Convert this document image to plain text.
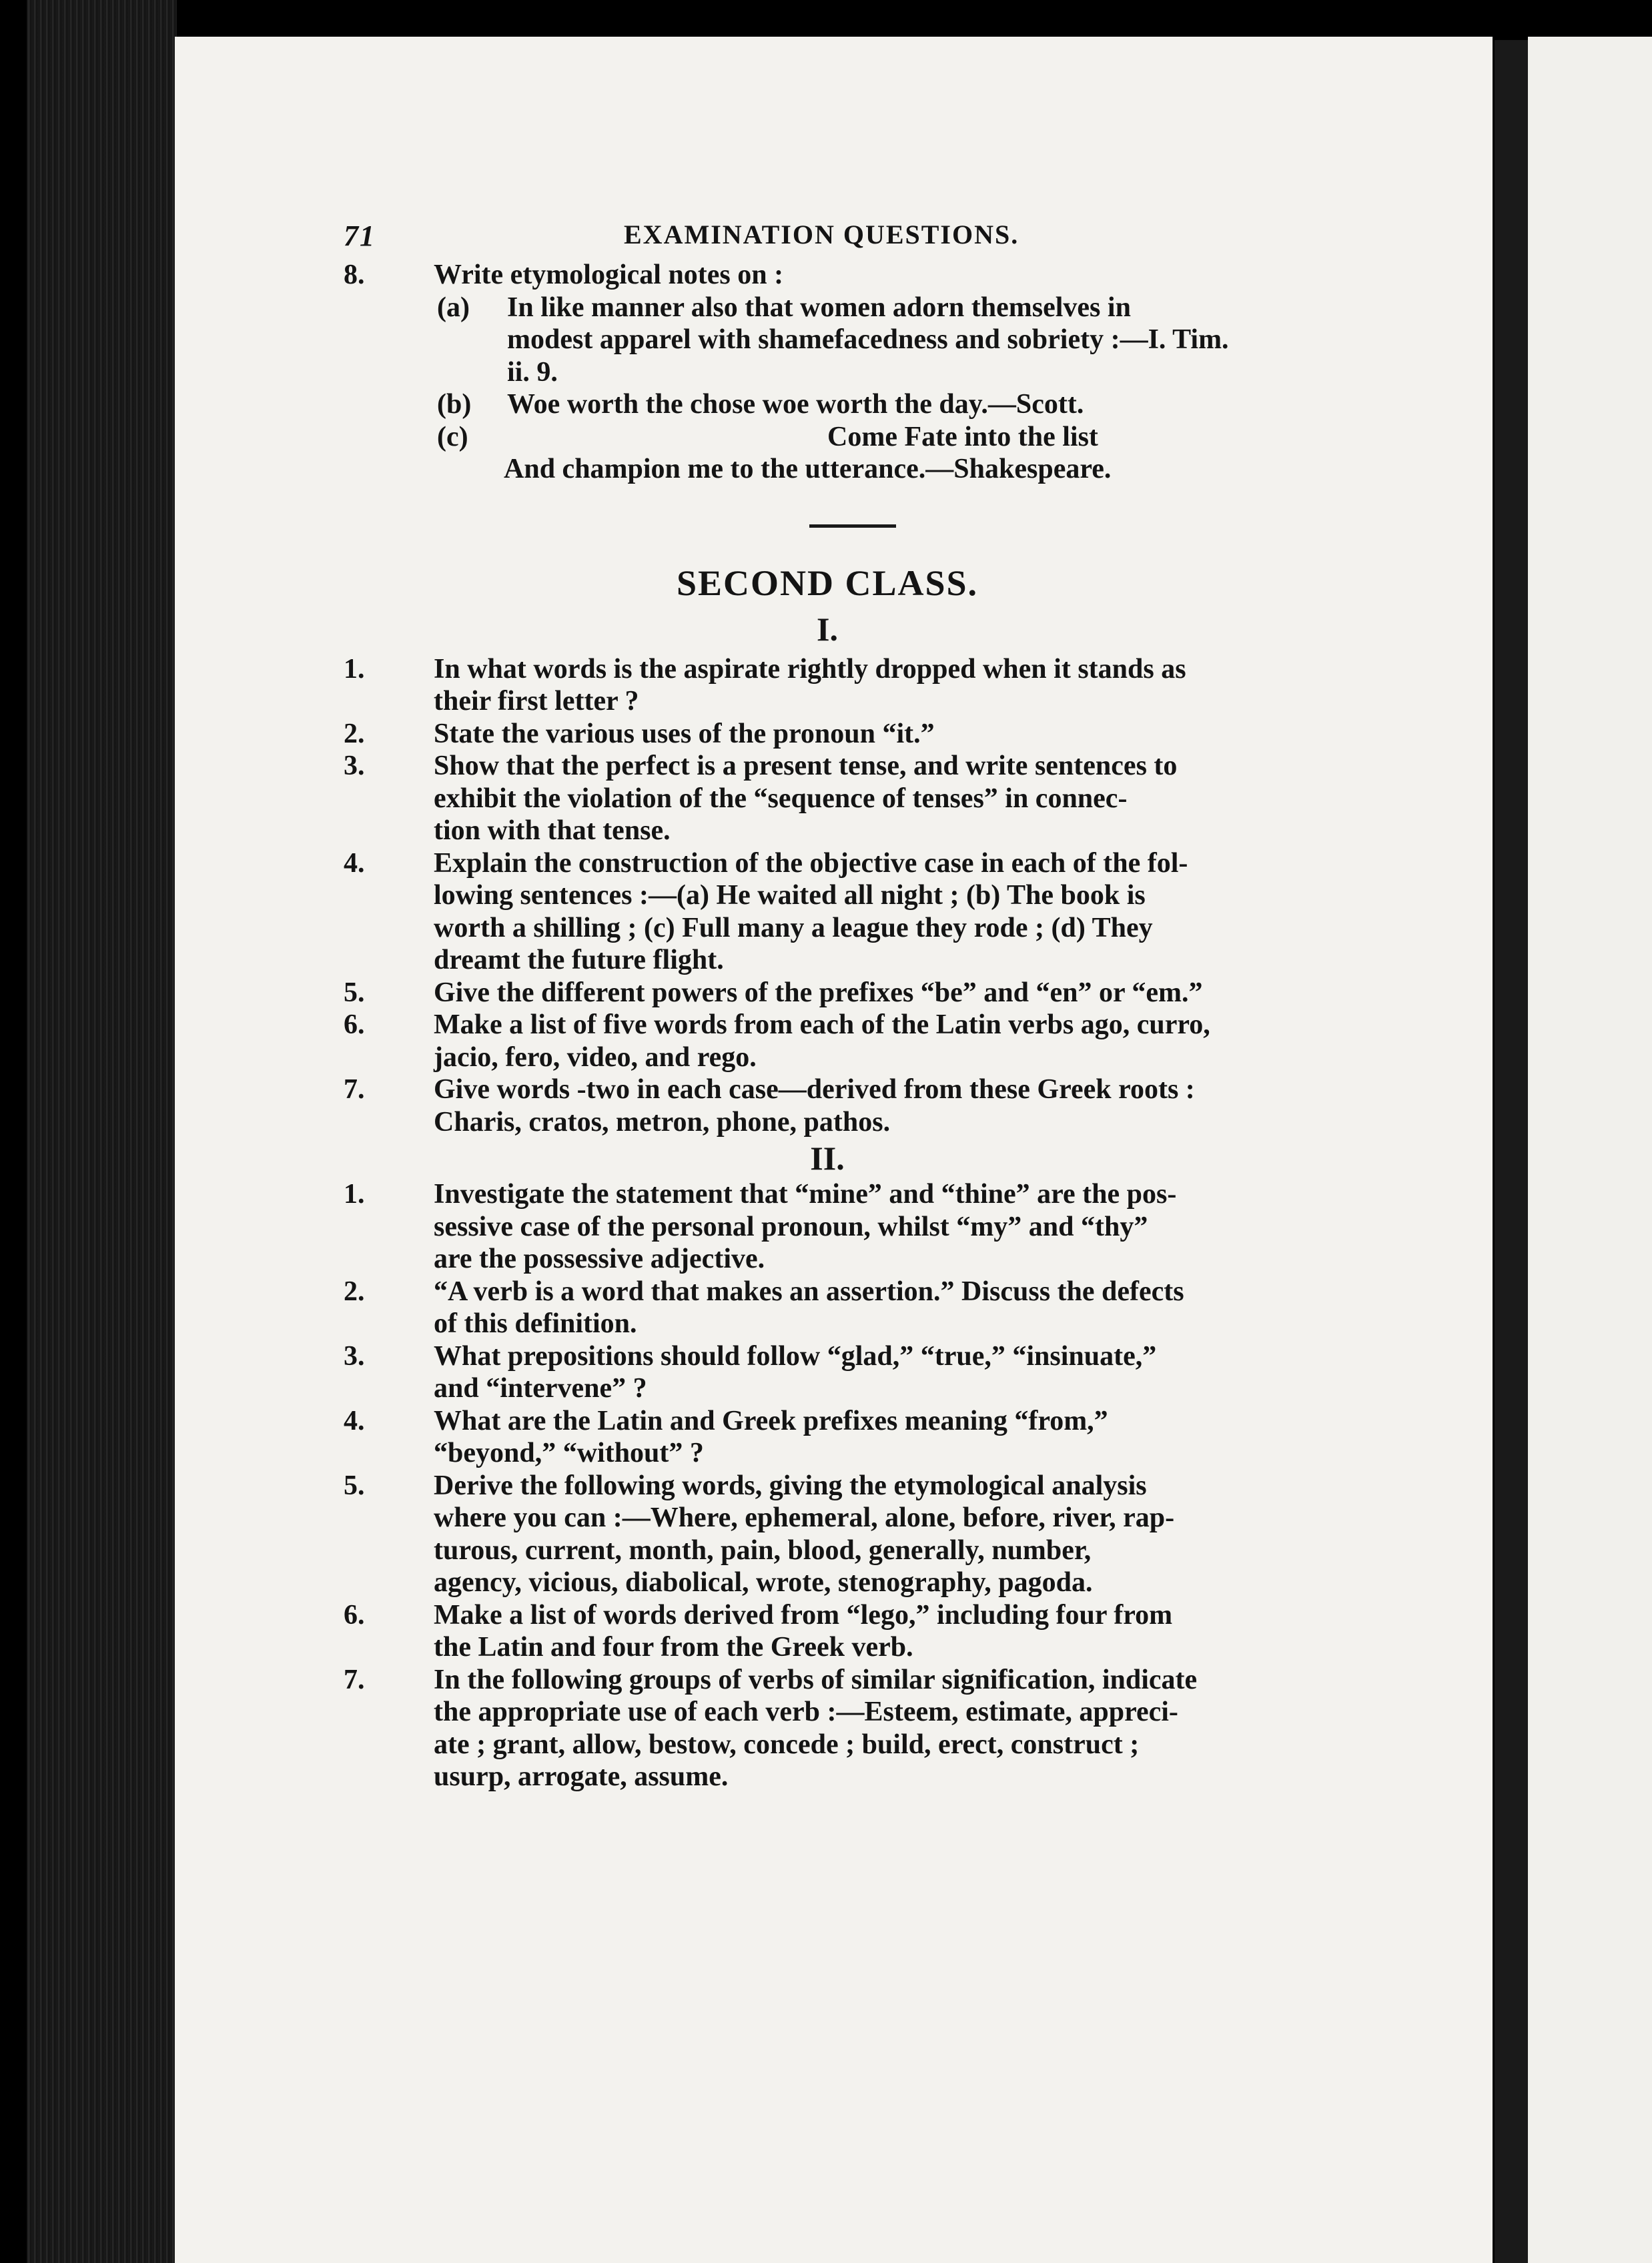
71	EXAMINATION QUESTIONS.
8. Write etymological notes on :
(a) In like manner also that women adorn themselves in
modest apparel with shamefacedness and sobriety :—I. Tim.
ii. 9.
(b) Woe worth the chose woe worth the day.—Scott.
(c)	Come Fate into the list
And champion me to the utterance.—Shakespeare.
SECOND CLASS.
I.
1. In what words is the aspirate rightly dropped when it stands as
their first letter ?
2. State the various uses of the pronoun “it.”
3. Show that the perfect is a present tense, and write sentences to
exhibit the violation of the “sequence of tenses” in connec-
tion with that tense.
4. Explain the construction of the objective case in each of the fol-
lowing sentences :—(a) He waited all night ; (b) The book is
worth a shilling ; (c) Full many a league they rode ; (d) They
dreamt the future flight.
5. Give the different powers of the prefixes “be” and “en” or “em.”
6. Make a list of five words from each of the Latin verbs ago, curro,
jacio, fero, video, and rego.
7. Give words -two in each case—derived from these Greek roots :
Charis, cratos, metron, phone, pathos.
II.
1. Investigate the statement that “mine” and “thine” are the pos-
sessive case of the personal pronoun, whilst “my” and “thy”
are the possessive adjective.
2. “A verb is a word that makes an assertion.” Discuss the defects
of this definition.
3. What prepositions should follow “glad,” “true,” “insinuate,”
and “intervene” ?
4. What are the Latin and Greek prefixes meaning “from,”
“beyond,” “without” ?
5. Derive the following words, giving the etymological analysis
where you can :—Where, ephemeral, alone, before, river, rap-
turous, current, month, pain, blood, generally, number,
agency, vicious, diabolical, wrote, stenography, pagoda.
6. Make a list of words derived from “lego,” including four from
the Latin and four from the Greek verb.
7. In the following groups of verbs of similar signification, indicate
the appropriate use of each verb :—Esteem, estimate, appreci-
ate ; grant, allow, bestow, concede ; build, erect, construct ;
usurp, arrogate, assume.
